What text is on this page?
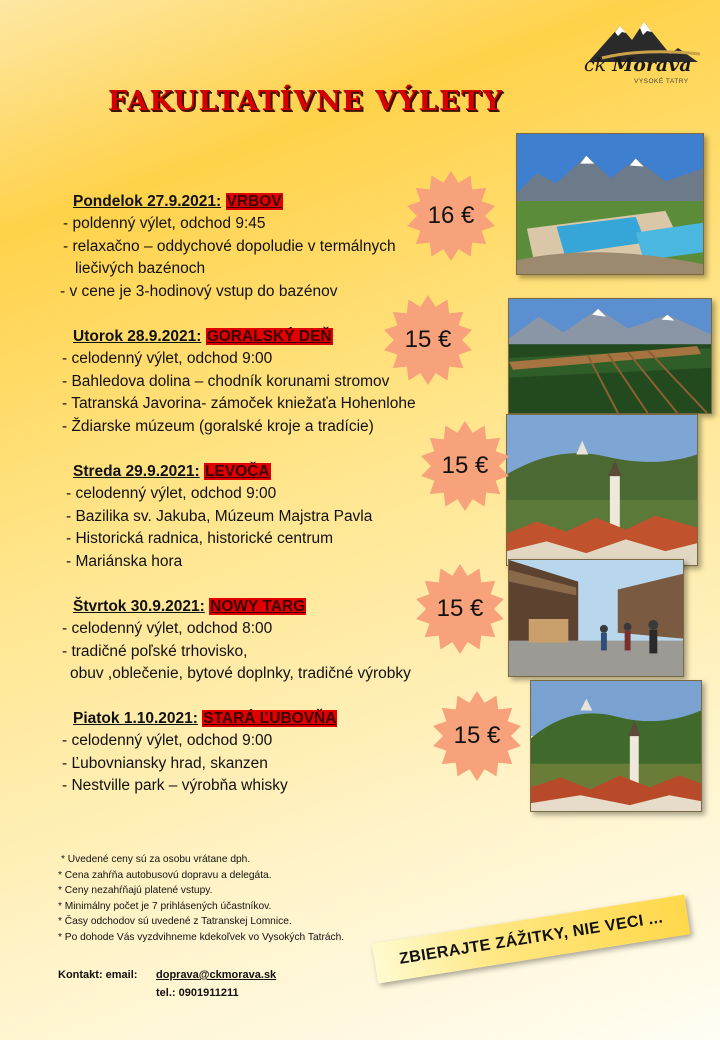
ck Morava
VYSOKÉ TATRY
FAKULTATÍVNE VÝLETY
16 €
15 €
15 €
15 €
15 €
Pondelok 27.9.2021: VRBOV
- poldenný výlet, odchod 9:45
- relaxačno – oddychové dopoludie v termálnych
liečivých bazénoch
- v cene je 3-hodinový vstup do bazénov
Utorok 28.9.2021: GORALSKÝ DEŇ
- celodenný výlet, odchod 9:00
- Bahledova dolina – chodník korunami stromov
- Tatranská Javorina- zámoček kniežaťa Hohenlohe
- Ždiarske múzeum (goralské kroje a tradície)
Streda 29.9.2021: LEVOČA
- celodenný výlet, odchod 9:00
- Bazilika sv. Jakuba, Múzeum Majstra Pavla
- Historická radnica, historické centrum
- Mariánska hora
Štvrtok 30.9.2021: NOWY TARG
- celodenný výlet, odchod 8:00
- tradičné poľské trhovisko,
obuv ,oblečenie, bytové doplnky, tradičné výrobky
Piatok 1.10.2021: STARÁ ĽUBOVŇA
- celodenný výlet, odchod 9:00
- Ľubovniansky hrad, skanzen
- Nestville park – výrobňa whisky
* Uvedené ceny sú za osobu vrátane dph.
* Cena zahŕňa autobusovú dopravu a delegáta.
* Ceny nezahŕňajú platené vstupy.
* Minimálny počet je 7 prihlásených účastníkov.
* Časy odchodov sú uvedené z Tatranskej Lomnice.
* Po dohode Vás vyzdvihneme kdekoľvek vo Vysokých Tatrách.
Kontakt: email: doprava@ckmorava.sk
tel.: 0901911211
ZBIERAJTE ZÁŽITKY, NIE VECI ...
